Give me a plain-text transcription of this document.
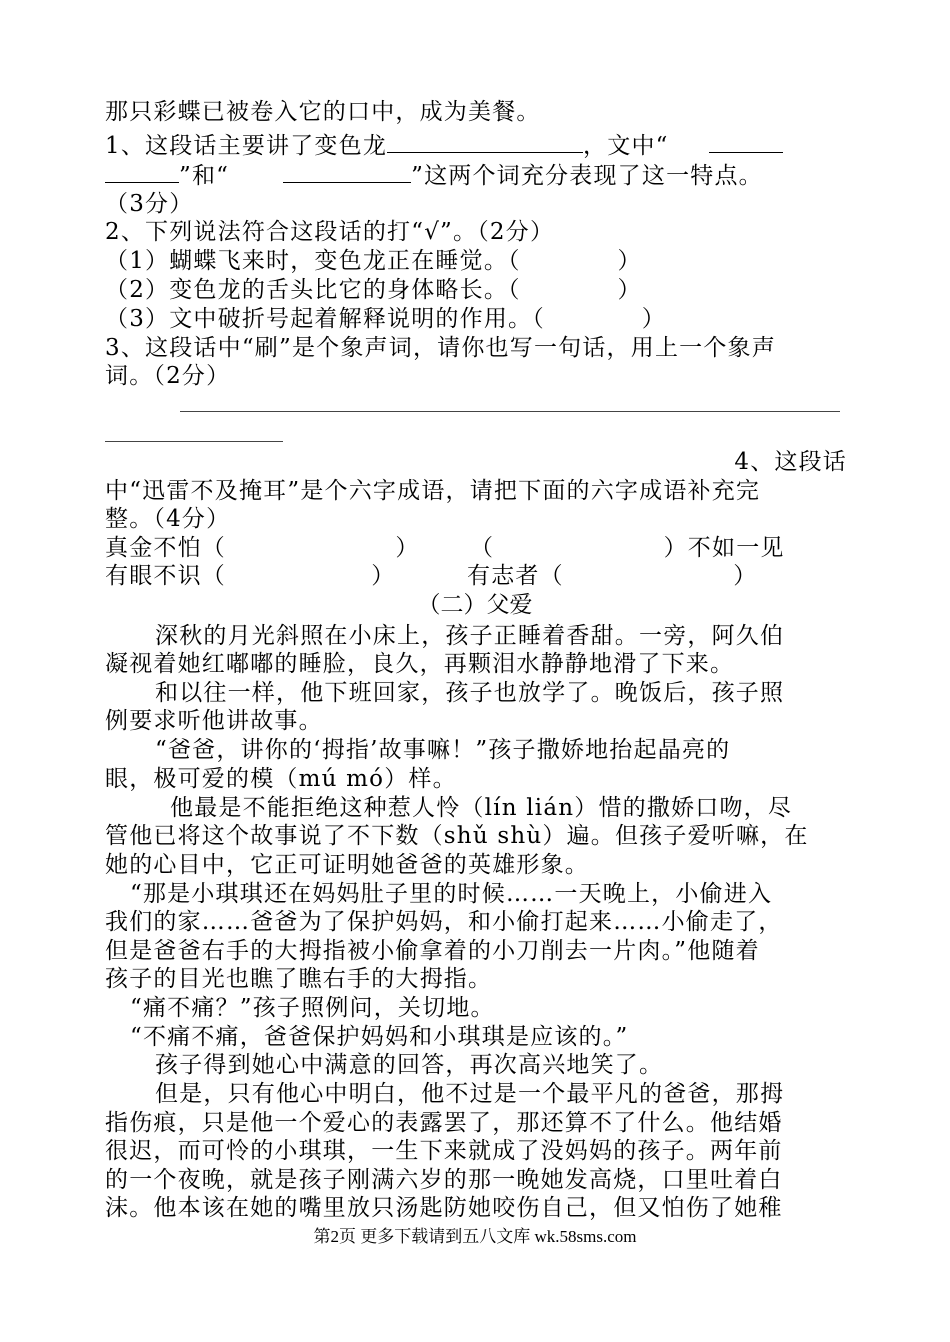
那只彩蝶已被卷入它的口中，成为美餐。
1、这段话主要讲了变色龙	，文中“
”和“	”这两个词充分表现了这一特点。
（3分）
2、下列说法符合这段话的打“√”。（2分）
（1）蝴蝶飞来时，变色龙正在睡觉。（　　　　）
（2）变色龙的舌头比它的身体略长。（　　　　）
（3）文中破折号起着解释说明的作用。（　　　　）
3、这段话中“刷”是个象声词，请你也写一句话，用上一个象声
词。（2分）
4、这段话
中“迅雷不及掩耳”是个六字成语，请把下面的六字成语补充完
整。（4分）
真金不怕（　　　　　　　） （　　　　　　　）不如一见
有眼不识（　　　　　　）	有志者（　　　　　　　）
（二）父爱
深秋的月光斜照在小床上，孩子正睡着香甜。一旁，阿久伯
凝视着她红嘟嘟的睡脸，良久，再颗泪水静静地滑了下来。
和以往一样，他下班回家，孩子也放学了。晚饭后，孩子照
例要求听他讲故事。
“爸爸，讲你的‘拇指’故事嘛！”孩子撒娇地抬起晶亮的
眼，极可爱的模（mú mó）样。
他最是不能拒绝这种惹人怜（lín lián）惜的撒娇口吻，尽
管他已将这个故事说了不下数（shǔ shù）遍。但孩子爱听嘛，在
她的心目中，它正可证明她爸爸的英雄形象。
“那是小琪琪还在妈妈肚子里的时候……一天晚上，小偷进入
我们的家……爸爸为了保护妈妈，和小偷打起来……小偷走了，
但是爸爸右手的大拇指被小偷拿着的小刀削去一片肉。”他随着
孩子的目光也瞧了瞧右手的大拇指。
“痛不痛？”孩子照例问，关切地。
“不痛不痛，爸爸保护妈妈和小琪琪是应该的。”
孩子得到她心中满意的回答，再次高兴地笑了。
但是，只有他心中明白，他不过是一个最平凡的爸爸，那拇
指伤痕，只是他一个爱心的表露罢了，那还算不了什么。他结婚
很迟，而可怜的小琪琪，一生下来就成了没妈妈的孩子。两年前
的一个夜晚，就是孩子刚满六岁的那一晚她发高烧，口里吐着白
沫。他本该在她的嘴里放只汤匙防她咬伤自己，但又怕伤了她稚
第2页 更多下载请到五八文库 wk.58sms.com
